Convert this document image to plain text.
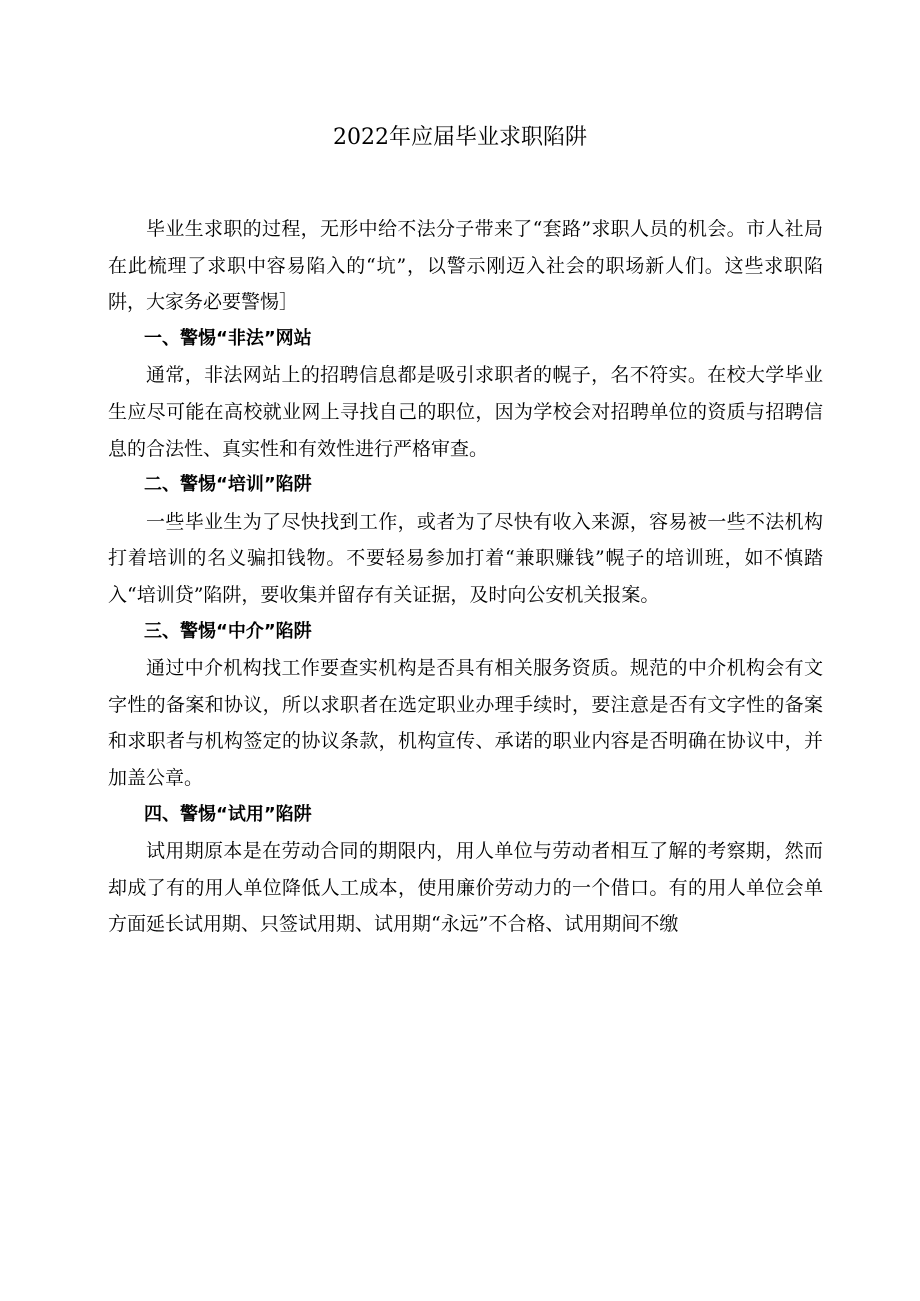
2022年应届毕业求职陷阱

毕业生求职的过程，无形中给不法分子带来了“套路”求职人员的机会。市人社局在此梳理了求职中容易陷入的“坑”，以警示刚迈入社会的职场新人们。这些求职陷阱，大家务必要警惕］

一、警惕“非法”网站

通常，非法网站上的招聘信息都是吸引求职者的幌子，名不符实。在校大学毕业生应尽可能在高校就业网上寻找自己的职位，因为学校会对招聘单位的资质与招聘信息的合法性、真实性和有效性进行严格审查。

二、警惕“培训”陷阱

一些毕业生为了尽快找到工作，或者为了尽快有收入来源，容易被一些不法机构打着培训的名义骗扣钱物。不要轻易参加打着“兼职赚钱”幌子的培训班，如不慎踏入“培训贷”陷阱，要收集并留存有关证据，及时向公安机关报案。

三、警惕“中介”陷阱

通过中介机构找工作要查实机构是否具有相关服务资质。规范的中介机构会有文字性的备案和协议，所以求职者在选定职业办理手续时，要注意是否有文字性的备案和求职者与机构签定的协议条款，机构宣传、承诺的职业内容是否明确在协议中，并加盖公章。

四、警惕“试用”陷阱

试用期原本是在劳动合同的期限内，用人单位与劳动者相互了解的考察期，然而却成了有的用人单位降低人工成本，使用廉价劳动力的一个借口。有的用人单位会单方面延长试用期、只签试用期、试用期“永远”不合格、试用期间不缴
